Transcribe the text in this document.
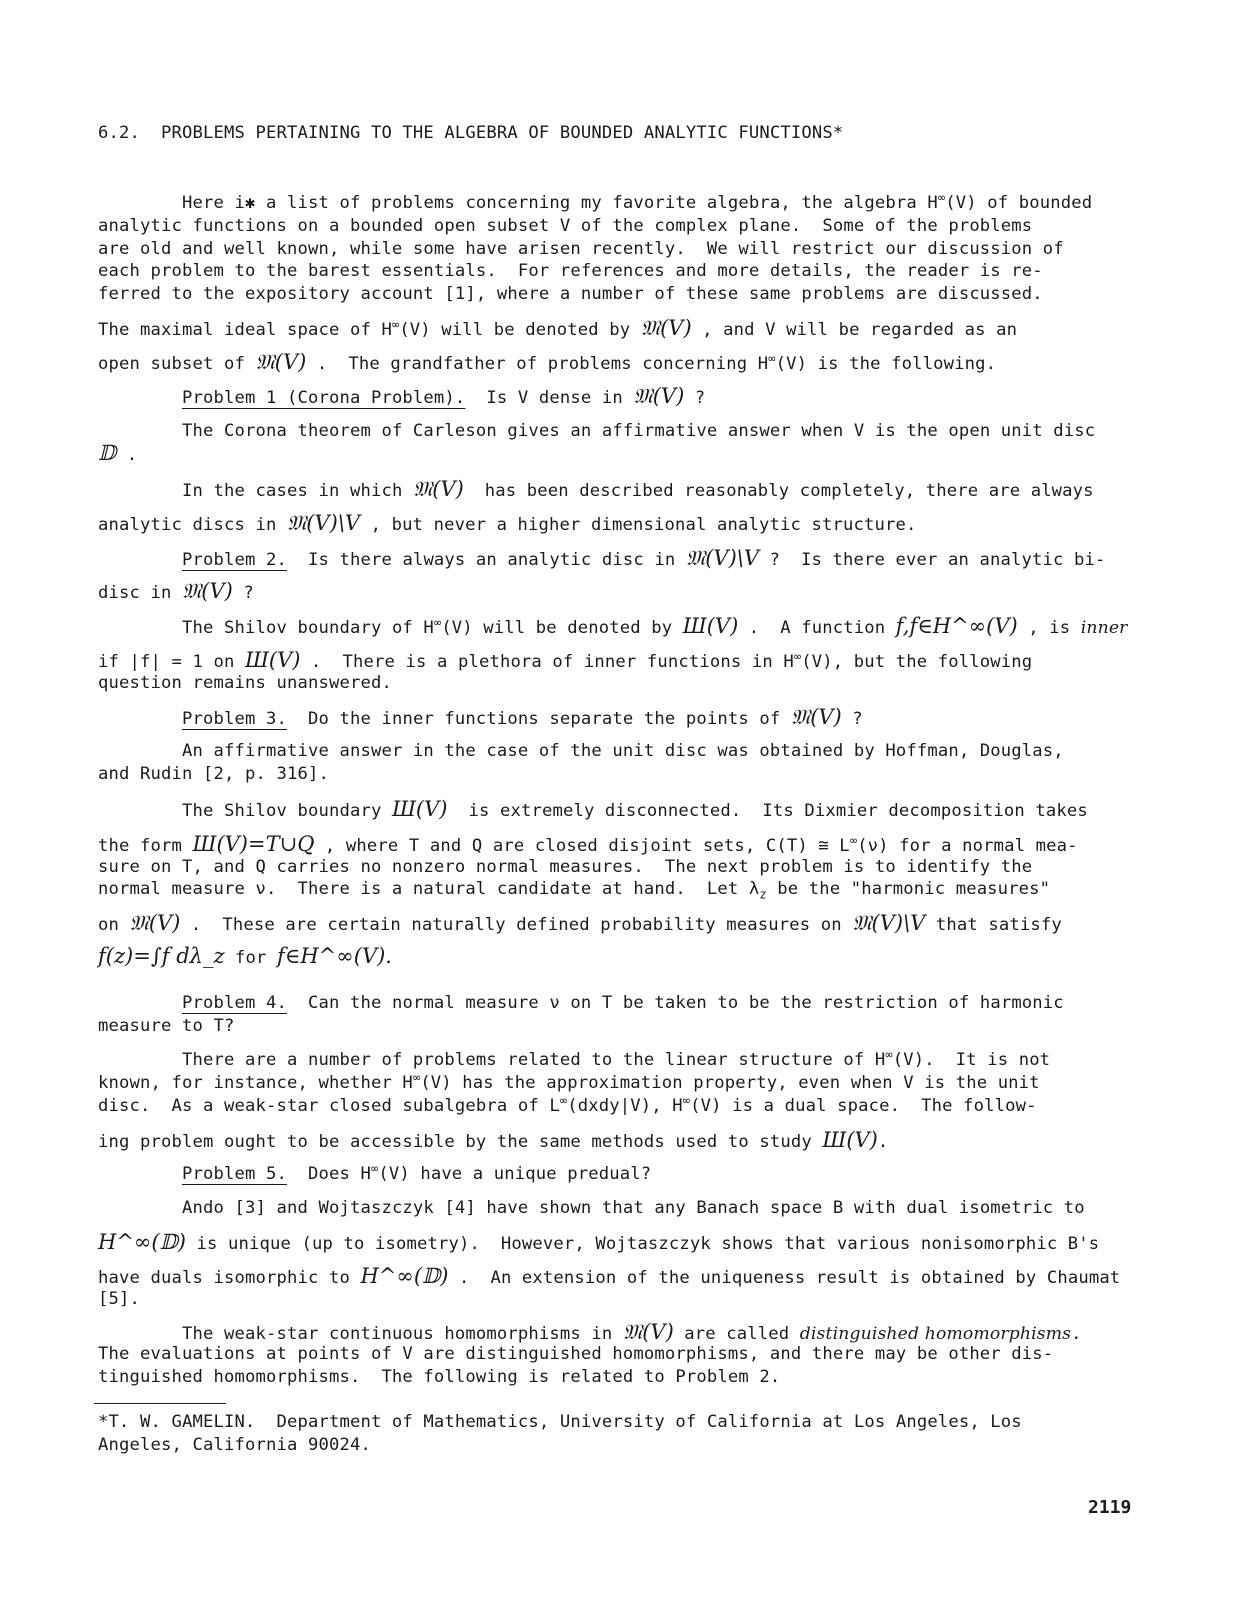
6.2.  PROBLEMS PERTAINING TO THE ALGEBRA OF BOUNDED ANALYTIC FUNCTIONS*
Here i✱ a list of problems concerning my favorite algebra, the algebra H∞(V) of bounded
analytic functions on a bounded open subset V of the complex plane.  Some of the problems
are old and well known, while some have arisen recently.  We will restrict our discussion of
each problem to the barest essentials.  For references and more details, the reader is re-
ferred to the expository account [1], where a number of these same problems are discussed.
The maximal ideal space of H∞(V) will be denoted by 𝔐(V) , and V will be regarded as an
open subset of 𝔐(V) .  The grandfather of problems concerning H∞(V) is the following.
Problem 1 (Corona Problem).  Is V dense in 𝔐(V) ?
The Corona theorem of Carleson gives an affirmative answer when V is the open unit disc
𝔻 .
In the cases in which 𝔐(V)  has been described reasonably completely, there are always
analytic discs in 𝔐(V)\V , but never a higher dimensional analytic structure.
Problem 2.  Is there always an analytic disc in 𝔐(V)\V ?  Is there ever an analytic bi-
disc in 𝔐(V) ?
The Shilov boundary of H∞(V) will be denoted by Ш(V) .  A function f,f∈H^∞(V) , is inner
if |f| = 1 on Ш(V) .  There is a plethora of inner functions in H∞(V), but the following
question remains unanswered.
Problem 3.  Do the inner functions separate the points of 𝔐(V) ?
An affirmative answer in the case of the unit disc was obtained by Hoffman, Douglas,
and Rudin [2, p. 316].
The Shilov boundary Ш(V)  is extremely disconnected.  Its Dixmier decomposition takes
the form Ш(V)=T∪Q , where T and Q are closed disjoint sets, C(T) ≅ L∞(ν) for a normal mea-
sure on T, and Q carries no nonzero normal measures.  The next problem is to identify the
normal measure ν.  There is a natural candidate at hand.  Let $\lambda_z$ be the "harmonic measures"
on 𝔐(V) .  These are certain naturally defined probability measures on 𝔐(V)\V that satisfy
f(z)=∫f dλ_z for f∈H^∞(V).
Problem 4.  Can the normal measure ν on T be taken to be the restriction of harmonic
measure to T?
There are a number of problems related to the linear structure of H∞(V).  It is not
known, for instance, whether H∞(V) has the approximation property, even when V is the unit
disc.  As a weak-star closed subalgebra of L∞(dxdy|V), H∞(V) is a dual space.  The follow-
ing problem ought to be accessible by the same methods used to study Ш(V).
Problem 5.  Does H∞(V) have a unique predual?
Ando [3] and Wojtaszczyk [4] have shown that any Banach space B with dual isometric to
H^∞(𝔻) is unique (up to isometry).  However, Wojtaszczyk shows that various nonisomorphic B's
have duals isomorphic to H^∞(𝔻) .  An extension of the uniqueness result is obtained by Chaumat
[5].
The weak-star continuous homomorphisms in 𝔐(V) are called distinguished homomorphisms.
The evaluations at points of V are distinguished homomorphisms, and there may be other dis-
tinguished homomorphisms.  The following is related to Problem 2.
*T. W. GAMELIN.  Department of Mathematics, University of California at Los Angeles, Los
Angeles, California 90024.
2119
